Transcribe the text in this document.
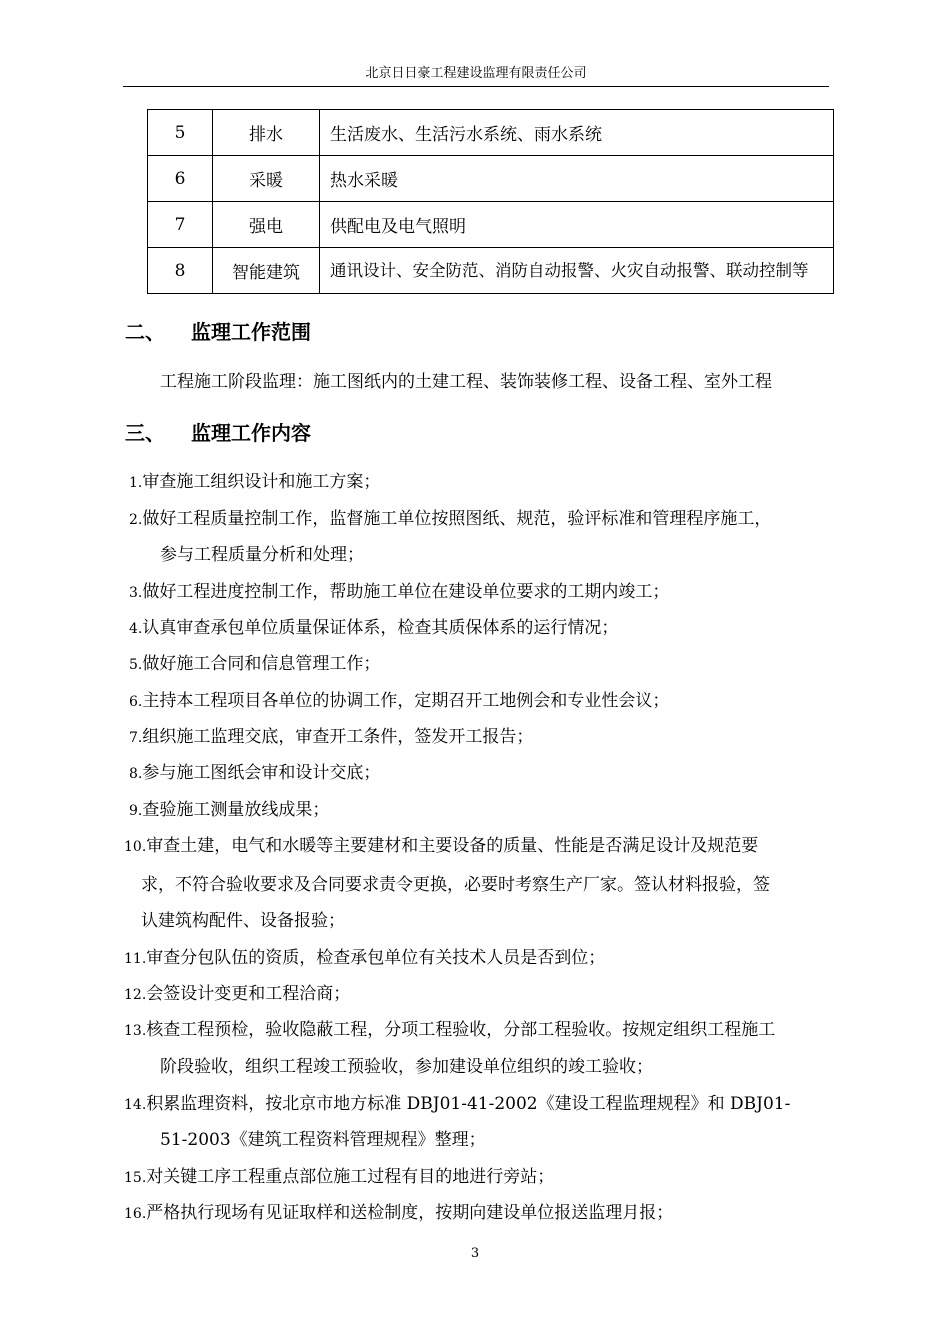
北京日日豪工程建设监理有限责任公司
5	排水	生活废水、生活污水系统、雨水系统
6	采暖	热水采暖
7	强电	供配电及电气照明
8	智能建筑	通讯设计、安全防范、消防自动报警、火灾自动报警、联动控制等
二、 监理工作范围
工程施工阶段监理：施工图纸内的土建工程、装饰装修工程、设备工程、室外工程
三、 监理工作内容
1.审查施工组织设计和施工方案；
2.做好工程质量控制工作，监督施工单位按照图纸、规范，验评标准和管理程序施工，
参与工程质量分析和处理；
3.做好工程进度控制工作，帮助施工单位在建设单位要求的工期内竣工；
4.认真审查承包单位质量保证体系，检查其质保体系的运行情况；
5.做好施工合同和信息管理工作；
6.主持本工程项目各单位的协调工作，定期召开工地例会和专业性会议；
7.组织施工监理交底，审查开工条件，签发开工报告；
8.参与施工图纸会审和设计交底；
9.查验施工测量放线成果；
10.审查土建，电气和水暖等主要建材和主要设备的质量、性能是否满足设计及规范要
求，不符合验收要求及合同要求责令更换，必要时考察生产厂家。签认材料报验，签
认建筑构配件、设备报验；
11.审查分包队伍的资质，检查承包单位有关技术人员是否到位；
12.会签设计变更和工程洽商；
13.核查工程预检，验收隐蔽工程，分项工程验收，分部工程验收。按规定组织工程施工
阶段验收，组织工程竣工预验收，参加建设单位组织的竣工验收；
14.积累监理资料，按北京市地方标准 DBJ01-41-2002《建设工程监理规程》和 DBJ01-
51-2003《建筑工程资料管理规程》整理；
15.对关键工序工程重点部位施工过程有目的地进行旁站；
16.严格执行现场有见证取样和送检制度，按期向建设单位报送监理月报；
3
